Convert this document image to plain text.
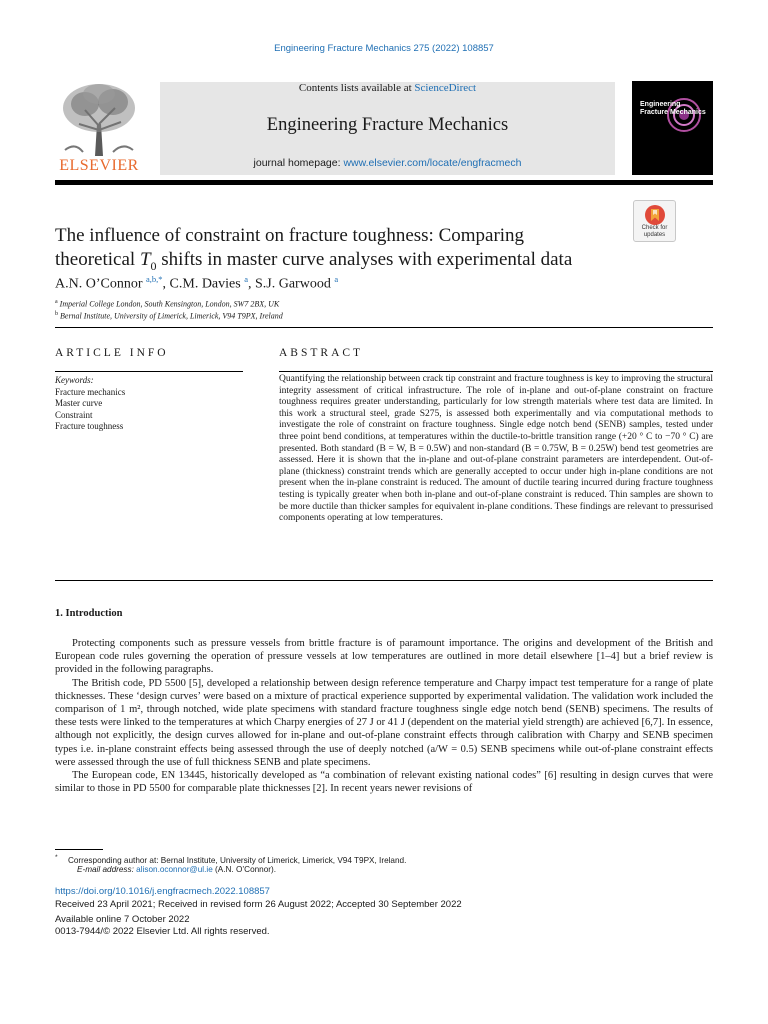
Engineering Fracture Mechanics 275 (2022) 108857
ELSEVIER
Contents lists available at ScienceDirect
Engineering Fracture Mechanics
journal homepage: www.elsevier.com/locate/engfracmech
Engineering Fracture Mechanics
Check for updates
The influence of constraint on fracture toughness: Comparing
theoretical $T_0$ shifts in master curve analyses with experimental data
A.N. O’Connor $^{a,b,*}$, C.M. Davies $^a$, S.J. Garwood $^a$
$^a$ Imperial College London, South Kensington, London, SW7 2BX, UK
$^b$ Bernal Institute, University of Limerick, Limerick, V94 T9PX, Ireland
ARTICLE INFO
Keywords:
Fracture mechanics
Master curve
Constraint
Fracture toughness
ABSTRACT
Quantifying the relationship between crack tip constraint and fracture toughness is key to improving the structural integrity assessment of critical infrastructure. The role of in-plane and out-of-plane constraint on fracture toughness requires greater understanding, particularly for low strength materials where test data are limited. In this work a structural steel, grade S275, is assessed both experimentally and via computational methods to investigate the role of constraint on fracture toughness. Single edge notch bend (SENB) samples, tested under three point bend conditions, at temperatures within the ductile-to-brittle transition range (+20 ° C to −70 ° C) are presented. Both standard (B = W, B = 0.5W) and non-standard (B = 0.75W, B = 0.25W) bend test geometries are assessed. Here it is shown that the in-plane and out-of-plane constraint parameters are interdependent. Out-of-plane (thickness) constraint trends which are generally accepted to occur under high in-plane conditions are not present when the in-plane constraint is reduced. The amount of ductile tearing incurred during fracture toughness testing is typically greater when both in-plane and out-of-plane constraint is reduced. Thin samples are shown to be more ductile than thicker samples for equivalent in-plane conditions. These findings are relevant to pressurised components operating at low temperatures.
1. Introduction

Protecting components such as pressure vessels from brittle fracture is of paramount importance. The origins and development of the British and European code rules governing the operation of pressure vessels at low temperatures are outlined in more detail elsewhere [1–4] but a brief review is provided in the following paragraphs.

The British code, PD 5500 [5], developed a relationship between design reference temperature and Charpy impact test temperature for a range of plate thicknesses. These ‘design curves’ were based on a mixture of practical experience supported by experimental validation. The validation work included the comparison of 1 m², through notched, wide plate specimens with standard fracture toughness single edge notch bend (SENB) specimens. The results of these tests were linked to the temperatures at which Charpy energies of 27 J or 41 J (dependent on the material yield strength) are achieved [6,7]. In essence, although not explicitly, the design curves allowed for in-plane and out-of-plane constraint effects through calibration with Charpy and SENB specimen types i.e. in-plane constraint effects being assessed through the use of deeply notched (a/W = 0.5) SENB specimens while out-of-plane constraint effects were assessed through the use of full thickness SENB and plate specimens.

The European code, EN 13445, historically developed as “a combination of relevant existing national codes” [6] resulting in design curves that were similar to those in PD 5500 for comparable plate thicknesses [2]. In recent years newer revisions of

* Corresponding author at: Bernal Institute, University of Limerick, Limerick, V94 T9PX, Ireland.
E-mail address: alison.oconnor@ul.ie (A.N. O’Connor).
https://doi.org/10.1016/j.engfracmech.2022.108857
Received 23 April 2021; Received in revised form 26 August 2022; Accepted 30 September 2022
Available online 7 October 2022
0013-7944/© 2022 Elsevier Ltd. All rights reserved.
